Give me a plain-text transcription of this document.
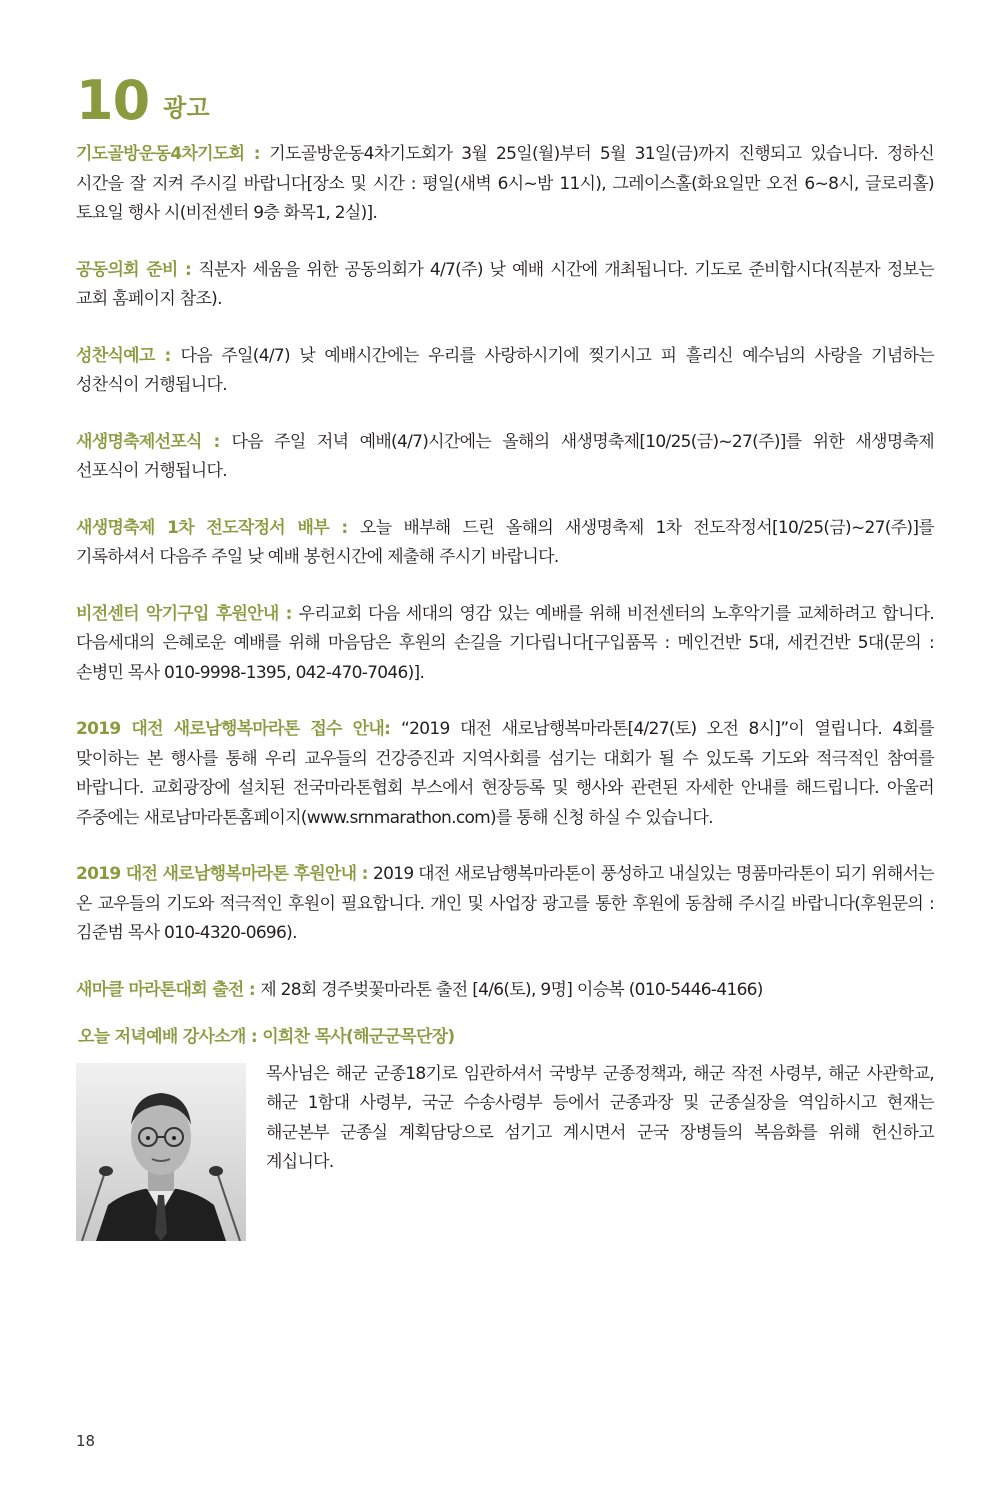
10 광고

기도골방운동4차기도회 : 기도골방운동4차기도회가 3월 25일(월)부터 5월 31일(금)까지 진행되고 있습니다. 정하신 시간을 잘 지켜 주시길 바랍니다[장소 및 시간 : 평일(새벽 6시~밤 11시), 그레이스홀(화요일만 오전 6~8시, 글로리홀) 토요일 행사 시(비전센터 9층 화목1, 2실)].

공동의회 준비 : 직분자 세움을 위한 공동의회가 4/7(주) 낮 예배 시간에 개최됩니다. 기도로 준비합시다(직분자 정보는 교회 홈페이지 참조).

성찬식예고 : 다음 주일(4/7) 낮 예배시간에는 우리를 사랑하시기에 찢기시고 피 흘리신 예수님의 사랑을 기념하는 성찬식이 거행됩니다.

새생명축제선포식 : 다음 주일 저녁 예배(4/7)시간에는 올해의 새생명축제[10/25(금)~27(주)]를 위한 새생명축제 선포식이 거행됩니다.

새생명축제 1차 전도작정서 배부 : 오늘 배부해 드린 올해의 새생명축제 1차 전도작정서[10/25(금)~27(주)]를 기록하셔서 다음주 주일 낮 예배 봉헌시간에 제출해 주시기 바랍니다.

비전센터 악기구입 후원안내 : 우리교회 다음 세대의 영감 있는 예배를 위해 비전센터의 노후악기를 교체하려고 합니다. 다음세대의 은혜로운 예배를 위해 마음담은 후원의 손길을 기다립니다[구입품목 : 메인건반 5대, 세컨건반 5대(문의 : 손병민 목사 010-9998-1395, 042-470-7046)].

2019 대전 새로남행복마라톤 접수 안내: “2019 대전 새로남행복마라톤[4/27(토) 오전 8시]”이 열립니다. 4회를 맞이하는 본 행사를 통해 우리 교우들의 건강증진과 지역사회를 섬기는 대회가 될 수 있도록 기도와 적극적인 참여를 바랍니다. 교회광장에 설치된 전국마라톤협회 부스에서 현장등록 및 행사와 관련된 자세한 안내를 해드립니다. 아울러 주중에는 새로남마라톤홈페이지(www.srnmarathon.com)를 통해 신청 하실 수 있습니다.

2019 대전 새로남행복마라톤 후원안내 : 2019 대전 새로남행복마라톤이 풍성하고 내실있는 명품마라톤이 되기 위해서는 온 교우들의 기도와 적극적인 후원이 필요합니다. 개인 및 사업장 광고를 통한 후원에 동참해 주시길 바랍니다(후원문의 : 김준범 목사 010-4320-0696).

새마클 마라톤대회 출전 : 제 28회 경주벚꽃마라톤 출전 [4/6(토), 9명] 이승복 (010-5446-4166)

오늘 저녁예배 강사소개 : 이희찬 목사(해군군목단장)
목사님은 해군 군종18기로 임관하셔서 국방부 군종정책과, 해군 작전 사령부, 해군 사관학교, 해군 1함대 사령부, 국군 수송사령부 등에서 군종과장 및 군종실장을 역임하시고 현재는 해군본부 군종실 계획담당으로 섬기고 계시면서 군국 장병들의 복음화를 위해 헌신하고 계십니다.
18
